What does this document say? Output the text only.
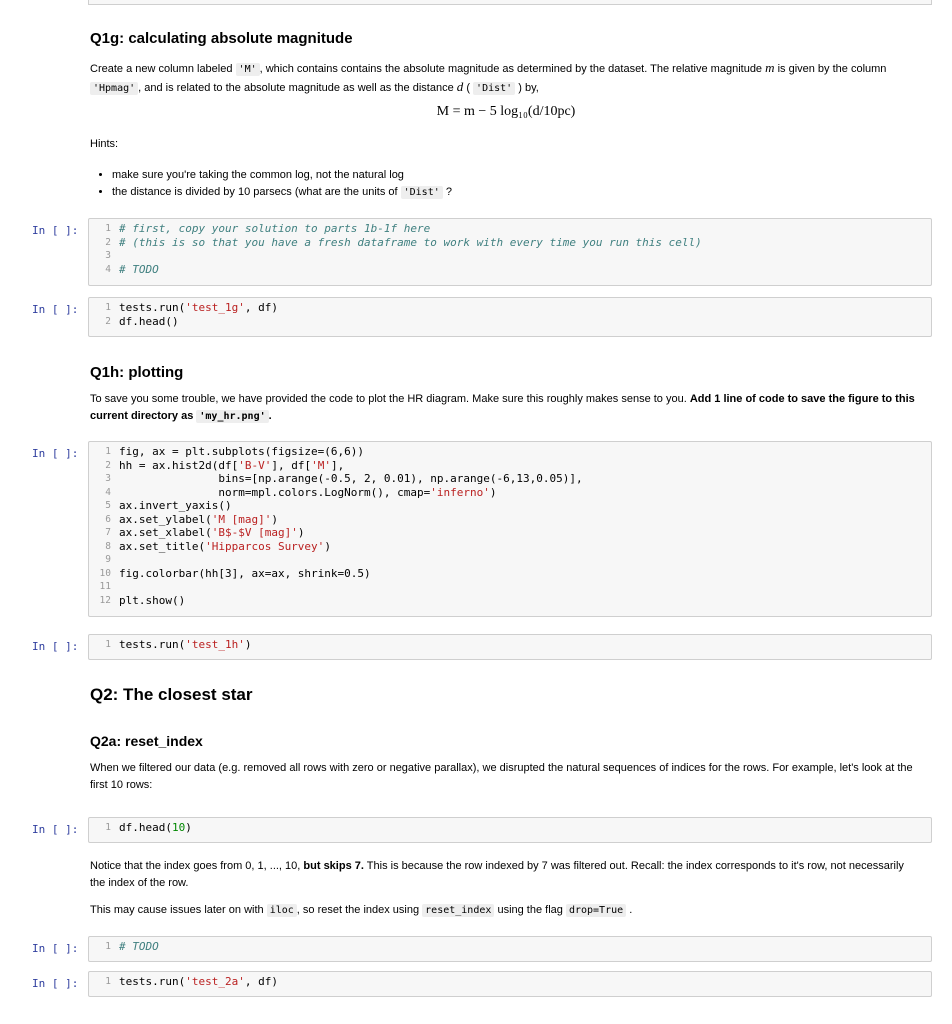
Q1g: calculating absolute magnitude

Create a new column labeled 'M' , which contains contains the absolute magnitude as determined by the dataset. The relative magnitude m is given by the column 'Hpmag' , and is related to the absolute magnitude as well as the distance d ( 'Dist' ) by,

M = m − 5 log₁₀(d/10pc)

Hints:

• make sure you're taking the common log, not the natural log
• the distance is divided by 10 parsecs (what are the units of 'Dist' ?
In [ ]:	1 # first, copy your solution to parts 1b-1f here
2 # (this is so that you have a fresh dataframe to work with every time you run this cell)
3
4 # TODO
In [ ]:	1 tests.run('test_1g', df)
2 df.head()
Q1h: plotting

To save you some trouble, we have provided the code to plot the HR diagram. Make sure this roughly makes sense to you. Add 1 line of code to save the figure to this current directory as 'my_hr.png' .

In [ ]:	1 fig, ax = plt.subplots(figsize=(6,6))
2 hh = ax.hist2d(df['B-V'], df['M'],
3 bins=[np.arange(-0.5, 2, 0.01), np.arange(-6,13,0.05)],
4 norm=mpl.colors.LogNorm(), cmap='inferno')
5 ax.invert_yaxis()
6 ax.set_ylabel('M [mag]')
7 ax.set_xlabel('B$-$V [mag]')
8 ax.set_title('Hipparcos Survey')
9
10 fig.colorbar(hh[3], ax=ax, shrink=0.5)
11
12 plt.show()
In [ ]:	1 tests.run('test_1h')
Q2: The closest star
Q2a: reset_index

When we filtered our data (e.g. removed all rows with zero or negative parallax), we disrupted the natural sequences of indices for the rows. For example, let's look at the first 10 rows:

In [ ]:	1 df.head(10)

Notice that the index goes from 0, 1, ..., 10, but skips 7. This is because the row indexed by 7 was filtered out. Recall: the index corresponds to it's row, not necessarily the index of the row.

This may cause issues later on with iloc , so reset the index using reset_index using the flag drop=True .

In [ ]:	1 # TODO
In [ ]:	1 tests.run('test_2a', df)
